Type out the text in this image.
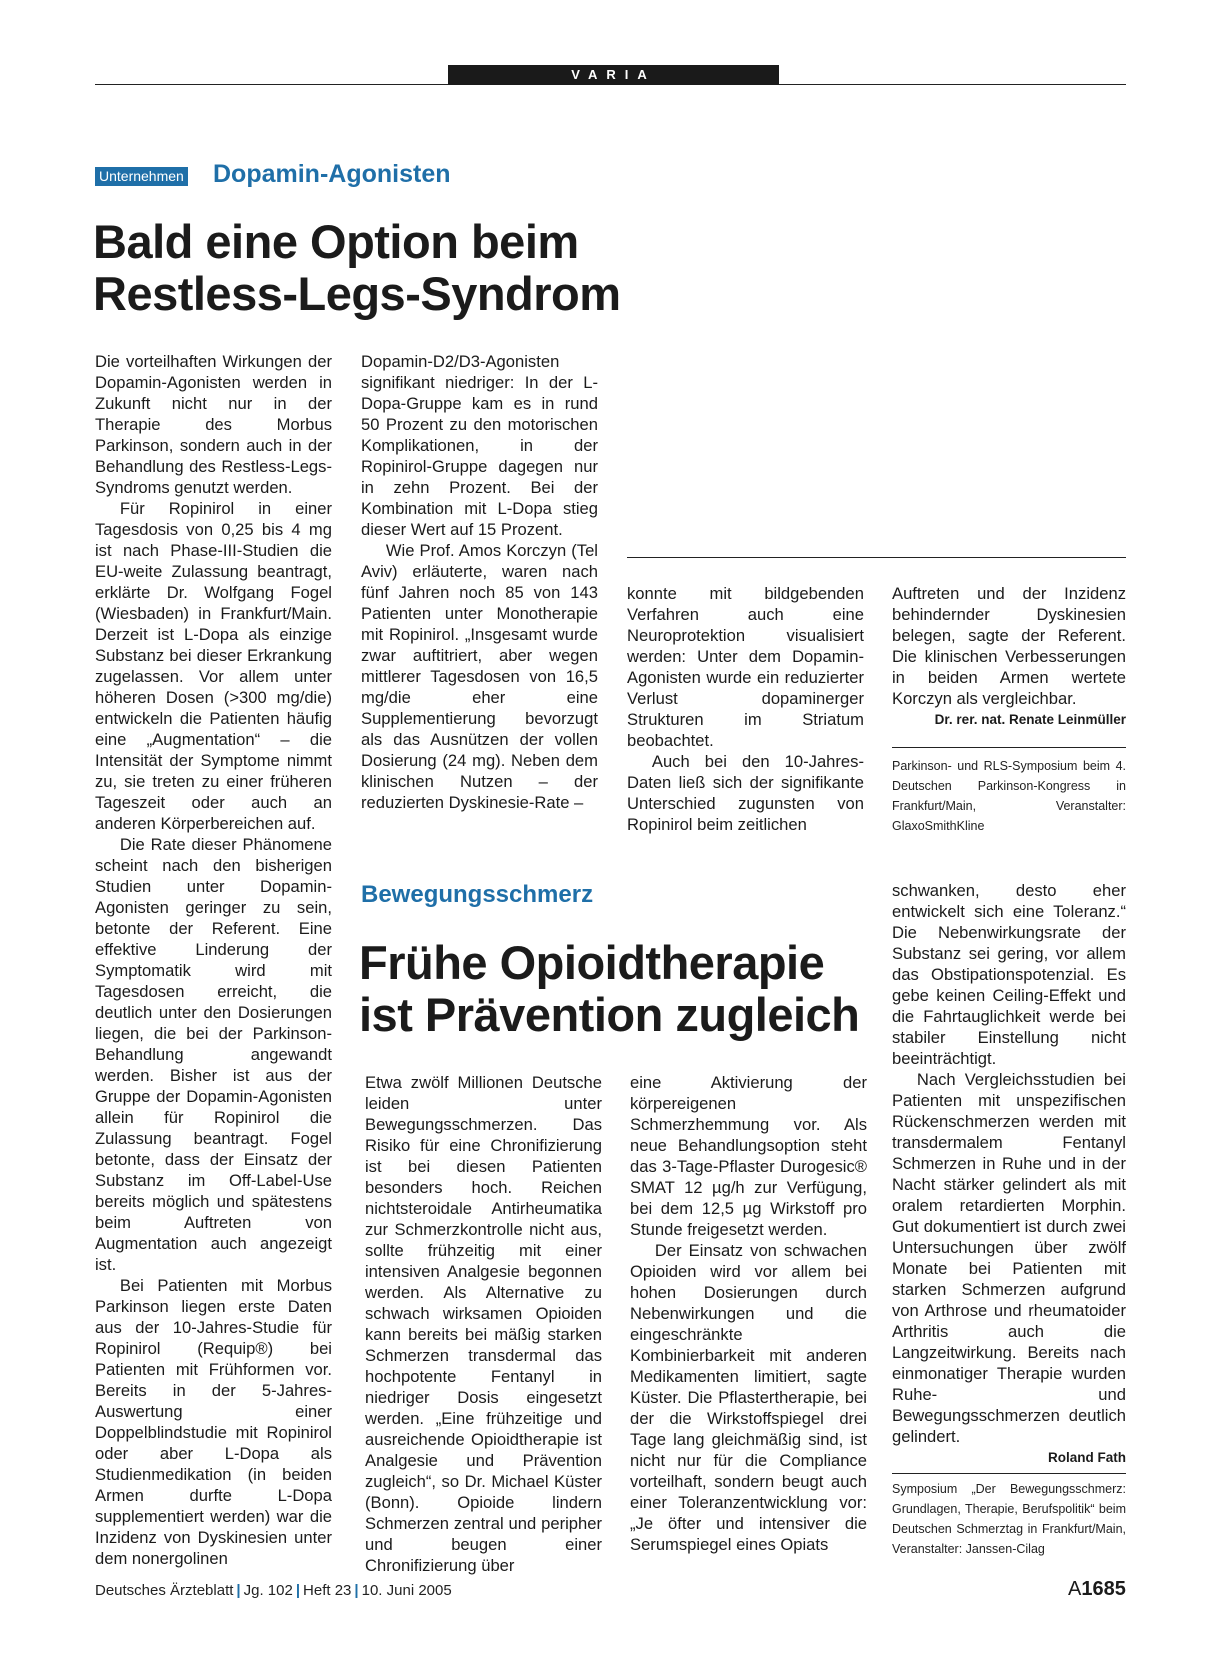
VARIA
Unternehmen Dopamin-Agonisten
Bald eine Option beim
Restless-Legs-Syndrom

Die vorteilhaften Wirkungen der Dopamin-Agonisten werden in Zukunft nicht nur in der Therapie des Morbus Parkinson, sondern auch in der Behandlung des Restless-Legs-Syndroms genutzt werden.

Für Ropinirol in einer Tagesdosis von 0,25 bis 4 mg ist nach Phase-III-Studien die EU-weite Zulassung beantragt, erklärte Dr. Wolfgang Fogel (Wiesbaden) in Frankfurt/Main. Derzeit ist L-Dopa als einzige Substanz bei dieser Erkrankung zugelassen. Vor allem unter höheren Dosen (>300 mg/die) entwickeln die Patienten häufig eine „Augmentation“ – die Intensität der Symptome nimmt zu, sie treten zu einer früheren Tageszeit oder auch an anderen Körperbereichen auf.

Die Rate dieser Phänomene scheint nach den bisherigen Studien unter Dopamin-Agonisten geringer zu sein, betonte der Referent. Eine effektive Linderung der Symptomatik wird mit Tagesdosen erreicht, die deutlich unter den Dosierungen liegen, die bei der Parkinson-Behandlung angewandt werden. Bisher ist aus der Gruppe der Dopamin-Agonisten allein für Ropinirol die Zulassung beantragt. Fogel betonte, dass der Einsatz der Substanz im Off-Label-Use bereits möglich und spätestens beim Auftreten von Augmentation auch angezeigt ist.

Bei Patienten mit Morbus Parkinson liegen erste Daten aus der 10-Jahres-Studie für Ropinirol (Requip®) bei Patienten mit Frühformen vor. Bereits in der 5-Jahres-Auswertung einer Doppelblindstudie mit Ropinirol oder aber L-Dopa als Studienmedikation (in beiden Armen durfte L-Dopa supplementiert werden) war die Inzidenz von Dyskinesien unter dem nonergolinen

Dopamin-D2/D3-Agonisten signifikant niedriger: In der L-Dopa-Gruppe kam es in rund 50 Prozent zu den motorischen Komplikationen, in der Ropinirol-Gruppe dagegen nur in zehn Prozent. Bei der Kombination mit L-Dopa stieg dieser Wert auf 15 Prozent.

Wie Prof. Amos Korczyn (Tel Aviv) erläuterte, waren nach fünf Jahren noch 85 von 143 Patienten unter Monotherapie mit Ropinirol. „Insgesamt wurde zwar auftitriert, aber wegen mittlerer Tagesdosen von 16,5 mg/die eher eine Supplementierung bevorzugt als das Ausnützen der vollen Dosierung (24 mg). Neben dem klinischen Nutzen – der reduzierten Dyskinesie-Rate –

konnte mit bildgebenden Verfahren auch eine Neuroprotektion visualisiert werden: Unter dem Dopamin-Agonisten wurde ein reduzierter Verlust dopaminerger Strukturen im Striatum beobachtet.

Auch bei den 10-Jahres-Daten ließ sich der signifikante Unterschied zugunsten von Ropinirol beim zeitlichen

Auftreten und der Inzidenz behindernder Dyskinesien belegen, sagte der Referent. Die klinischen Verbesserungen in beiden Armen wertete Korczyn als vergleichbar.

Dr. rer. nat. Renate Leinmüller
Parkinson- und RLS-Symposium beim 4. Deutschen Parkinson-Kongress in Frankfurt/Main, Veranstalter: GlaxoSmithKline
Bewegungsschmerz
Frühe Opioidtherapie
ist Prävention zugleich

Etwa zwölf Millionen Deutsche leiden unter Bewegungsschmerzen. Das Risiko für eine Chronifizierung ist bei diesen Patienten besonders hoch. Reichen nichtsteroidale Antirheumatika zur Schmerzkontrolle nicht aus, sollte frühzeitig mit einer intensiven Analgesie begonnen werden. Als Alternative zu schwach wirksamen Opioiden kann bereits bei mäßig starken Schmerzen transdermal das hochpotente Fentanyl in niedriger Dosis eingesetzt werden. „Eine frühzeitige und ausreichende Opioidtherapie ist Analgesie und Prävention zugleich“, so Dr. Michael Küster (Bonn). Opioide lindern Schmerzen zentral und peripher und beugen einer Chronifizierung über

eine Aktivierung der körpereigenen Schmerzhemmung vor. Als neue Behandlungsoption steht das 3-Tage-Pflaster Durogesic® SMAT 12 µg/h zur Verfügung, bei dem 12,5 µg Wirkstoff pro Stunde freigesetzt werden.

Der Einsatz von schwachen Opioiden wird vor allem bei hohen Dosierungen durch Nebenwirkungen und die eingeschränkte Kombinierbarkeit mit anderen Medikamenten limitiert, sagte Küster. Die Pflastertherapie, bei der die Wirkstoffspiegel drei Tage lang gleichmäßig sind, ist nicht nur für die Compliance vorteilhaft, sondern beugt auch einer Toleranzentwicklung vor: „Je öfter und intensiver die Serumspiegel eines Opiats

schwanken, desto eher entwickelt sich eine Toleranz.“ Die Nebenwirkungsrate der Substanz sei gering, vor allem das Obstipationspotenzial. Es gebe keinen Ceiling-Effekt und die Fahrtauglichkeit werde bei stabiler Einstellung nicht beeinträchtigt.

Nach Vergleichsstudien bei Patienten mit unspezifischen Rückenschmerzen werden mit transdermalem Fentanyl Schmerzen in Ruhe und in der Nacht stärker gelindert als mit oralem retardierten Morphin. Gut dokumentiert ist durch zwei Untersuchungen über zwölf Monate bei Patienten mit starken Schmerzen aufgrund von Arthrose und rheumatoider Arthritis auch die Langzeitwirkung. Bereits nach einmonatiger Therapie wurden Ruhe- und Bewegungsschmerzen deutlich gelindert.

Roland Fath
Symposium „Der Bewegungsschmerz: Grundlagen, Therapie, Berufspolitik“ beim Deutschen Schmerztag in Frankfurt/Main, Veranstalter: Janssen-Cilag
Deutsches Ärzteblatt | Jg. 102 | Heft 23 | 10. Juni 2005	A1685
